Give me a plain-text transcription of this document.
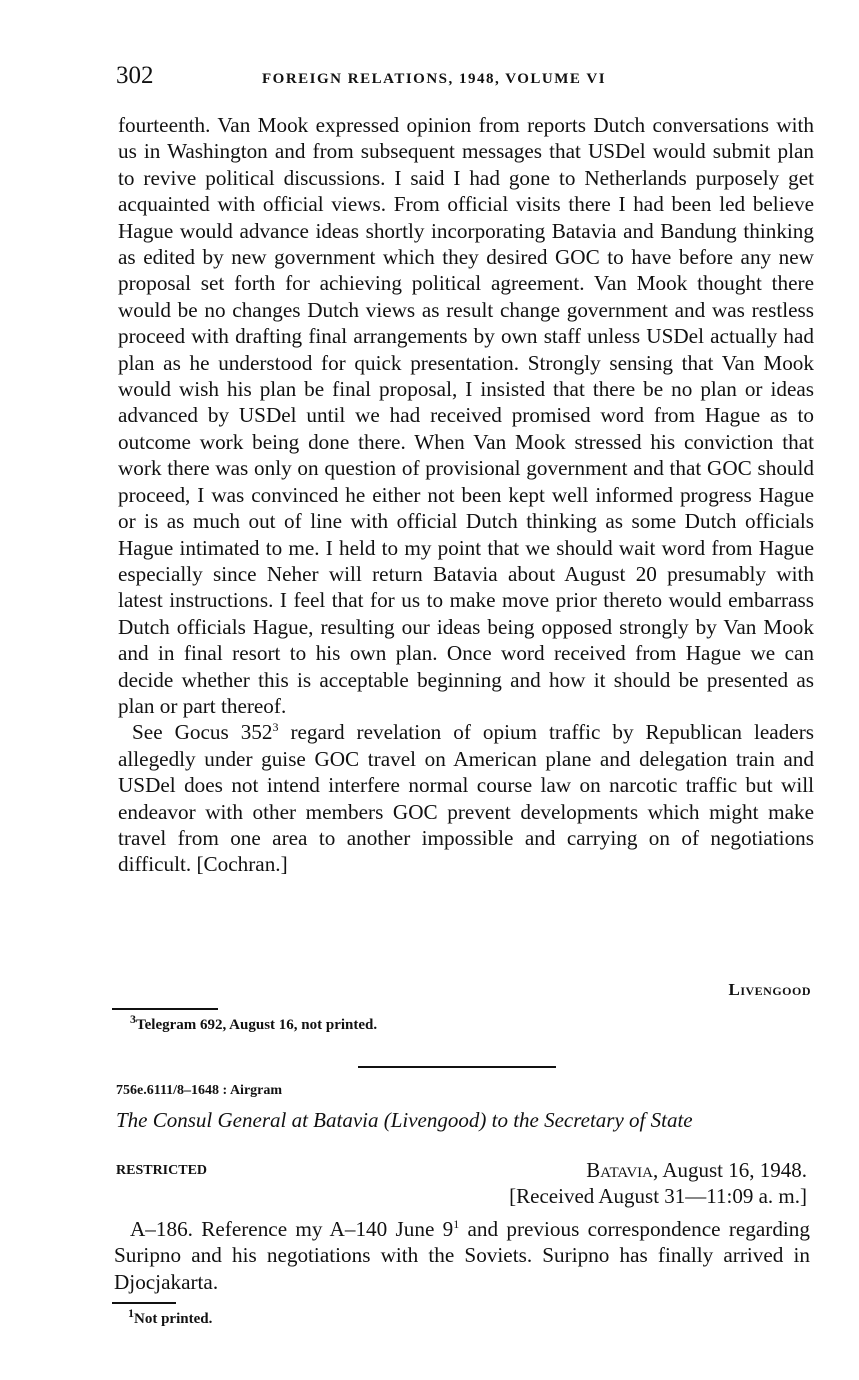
302	FOREIGN RELATIONS, 1948, VOLUME VI

fourteenth. Van Mook expressed opinion from reports Dutch conversations with us in Washington and from subsequent messages that USDel would submit plan to revive political discussions. I said I had gone to Netherlands purposely get acquainted with official views. From official visits there I had been led believe Hague would advance ideas shortly incorporating Batavia and Bandung thinking as edited by new government which they desired GOC to have before any new proposal set forth for achieving political agreement. Van Mook thought there would be no changes Dutch views as result change government and was restless proceed with drafting final arrangements by own staff unless USDel actually had plan as he understood for quick presentation. Strongly sensing that Van Mook would wish his plan be final proposal, I insisted that there be no plan or ideas advanced by USDel until we had received promised word from Hague as to outcome work being done there. When Van Mook stressed his conviction that work there was only on question of provisional government and that GOC should proceed, I was convinced he either not been kept well informed progress Hague or is as much out of line with official Dutch thinking as some Dutch officials Hague intimated to me. I held to my point that we should wait word from Hague especially since Neher will return Batavia about August 20 presumably with latest instructions. I feel that for us to make move prior thereto would embarrass Dutch officials Hague, resulting our ideas being opposed strongly by Van Mook and in final resort to his own plan. Once word received from Hague we can decide whether this is acceptable beginning and how it should be presented as plan or part thereof.

See Gocus $352^3$ regard revelation of opium traffic by Republican leaders allegedly under guise GOC travel on American plane and delegation train and USDel does not intend interfere normal course law on narcotic traffic but will endeavor with other members GOC prevent developments which might make travel from one area to another impossible and carrying on of negotiations difficult. [Cochran.]

Livengood
$^3$Telegram 692, August 16, not printed.
756e.6111/8–1648 : Airgram
The Consul General at Batavia (Livengood) to the Secretary of State
RESTRICTED	Batavia, August 16, 1948.
[Received August 31—11:09 a. m.]

A–186. Reference my A–140 June $9^1$ and previous correspondence regarding Suripno and his negotiations with the Soviets. Suripno has finally arrived in Djocjakarta.

$^1$Not printed.
